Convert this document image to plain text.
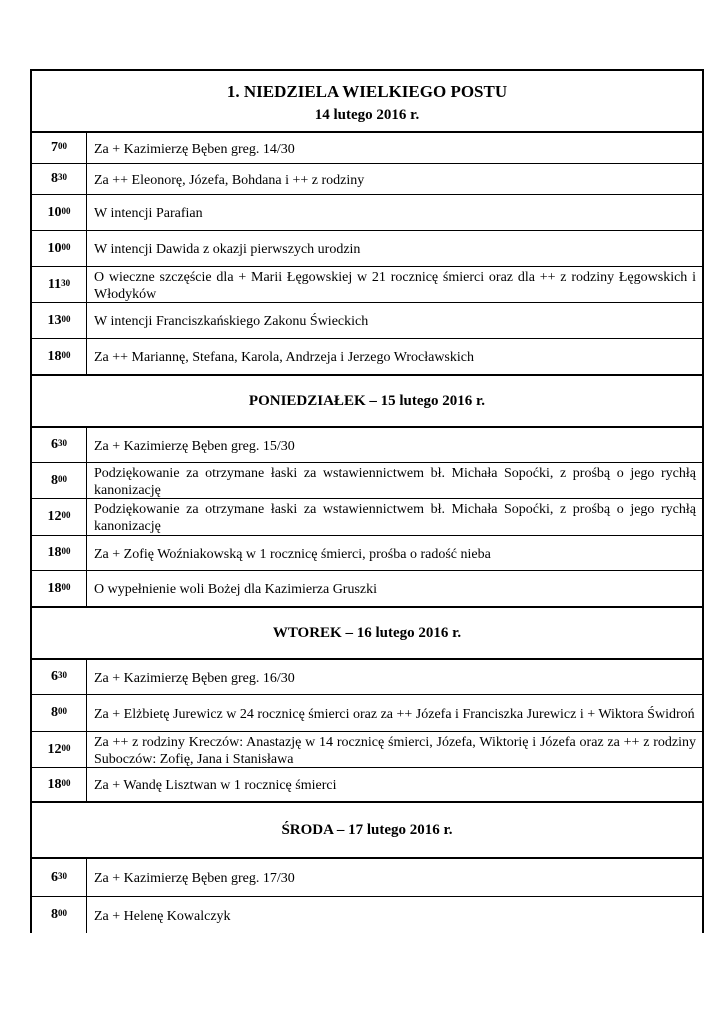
1. NIEDZIELA WIELKIEGO POSTU
14 lutego 2016 r.
$7^{00}$ Za + Kazimierzę Bęben greg. 14/30
$8^{30}$ Za ++ Eleonorę, Józefa, Bohdana i ++ z rodziny
$10^{00}$ W intencji Parafian
$10^{00}$ W intencji Dawida z okazji pierwszych urodzin
$11^{30}$ O wieczne szczęście dla + Marii Łęgowskiej w 21 rocznicę śmierci oraz dla ++ z rodziny Łęgowskich i Włodyków
$13^{00}$ W intencji Franciszkańskiego Zakonu Świeckich
$18^{00}$ Za ++ Mariannę, Stefana, Karola, Andrzeja i Jerzego Wrocławskich
PONIEDZIAŁEK – 15 lutego 2016 r.
$6^{30}$ Za + Kazimierzę Bęben greg. 15/30
$8^{00}$ Podziękowanie za otrzymane łaski za wstawiennictwem bł. Michała Sopoćki, z prośbą o jego rychłą kanonizację
$12^{00}$ Podziękowanie za otrzymane łaski za wstawiennictwem bł. Michała Sopoćki, z prośbą o jego rychłą kanonizację
$18^{00}$ Za + Zofię Woźniakowską w 1 rocznicę śmierci, prośba o radość nieba
$18^{00}$ O wypełnienie woli Bożej dla Kazimierza Gruszki
WTOREK – 16 lutego 2016 r.
$6^{30}$ Za + Kazimierzę Bęben greg. 16/30
$8^{00}$ Za + Elżbietę Jurewicz w 24 rocznicę śmierci oraz za ++ Józefa i Franciszka Jurewicz i + Wiktora Świdroń
$12^{00}$ Za ++ z rodziny Kreczów: Anastazję w 14 rocznicę śmierci, Józefa, Wiktorię i Józefa oraz za ++ z rodziny Suboczów: Zofię, Jana i Stanisława
$18^{00}$ Za + Wandę Lisztwan w 1 rocznicę śmierci
ŚRODA – 17 lutego 2016 r.
$6^{30}$ Za + Kazimierzę Bęben greg. 17/30
$8^{00}$ Za + Helenę Kowalczyk
